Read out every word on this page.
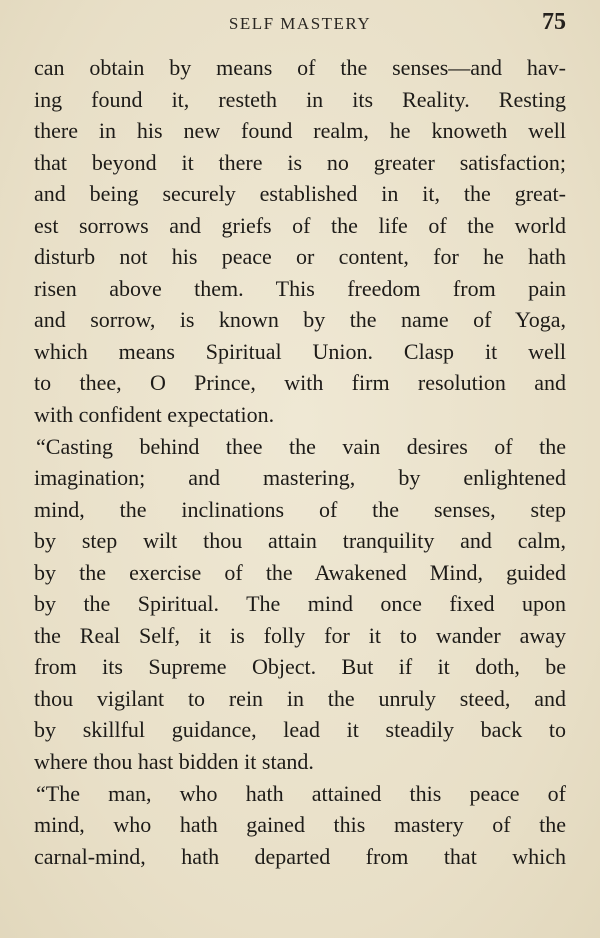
SELF MASTERY	75
can obtain by means of the senses—and hav-
ing found it, resteth in its Reality. Resting
there in his new found realm, he knoweth well
that beyond it there is no greater satisfaction;
and being securely established in it, the great-
est sorrows and griefs of the life of the world
disturb not his peace or content, for he hath
risen above them. This freedom from pain
and sorrow, is known by the name of Yoga,
which means Spiritual Union. Clasp it well
to thee, O Prince, with firm resolution and
with confident expectation.
“Casting behind thee the vain desires of the
imagination; and mastering, by enlightened
mind, the inclinations of the senses, step
by step wilt thou attain tranquility and calm,
by the exercise of the Awakened Mind, guided
by the Spiritual. The mind once fixed upon
the Real Self, it is folly for it to wander away
from its Supreme Object. But if it doth, be
thou vigilant to rein in the unruly steed, and
by skillful guidance, lead it steadily back to
where thou hast bidden it stand.
“The man, who hath attained this peace of
mind, who hath gained this mastery of the
carnal-mind, hath departed from that which
